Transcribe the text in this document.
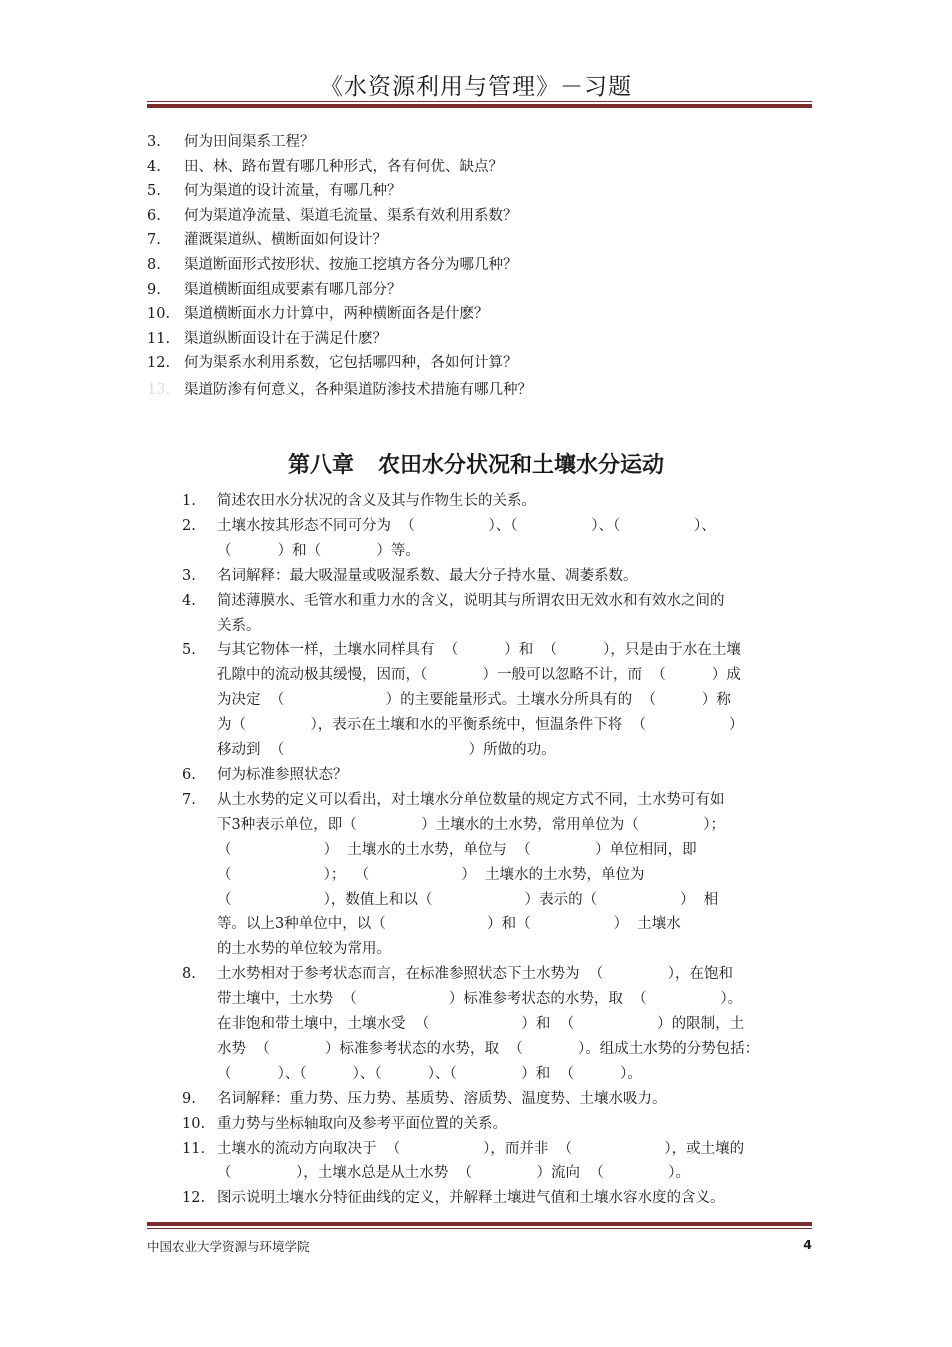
《水资源利用与管理》－习题
3.	何为田间渠系工程？
4.	田、林、路布置有哪几种形式，各有何优、缺点？
5.	何为渠道的设计流量，有哪几种？
6.	何为渠道净流量、渠道毛流量、渠系有效利用系数？
7.	灌溉渠道纵、横断面如何设计？
8.	渠道断面形式按形状、按施工挖填方各分为哪几种？
9.	渠道横断面组成要素有哪几部分？
10. 渠道横断面水力计算中，两种横断面各是什麽？
11. 渠道纵断面设计在于满足什麽？
12. 何为渠系水利用系数，它包括哪四种，各如何计算？
13. 渠道防渗有何意义，各种渠道防渗技术措施有哪几种？
第八章 农田水分状况和土壤水分运动
1.	简述农田水分状况的含义及其与作物生长的关系。
2.	土壤水按其形态不同可分为  （                ）、（                ）、（                ）、
（          ）和（            ）等。
3.	名词解释：最大吸湿量或吸湿系数、最大分子持水量、凋萎系数。
4.	简述薄膜水、毛管水和重力水的含义，说明其与所谓农田无效水和有效水之间的
关系。
5.	与其它物体一样，土壤水同样具有  （          ）和  （          ），只是由于水在土壤
孔隙中的流动极其缓慢，因而，（            ）一般可以忽略不计，而  （          ）成
为决定  （                      ）的主要能量形式。土壤水分所具有的  （          ）称
为（              ），表示在土壤和水的平衡系统中，恒温条件下将  （                  ）
移动到  （                                        ）所做的功。
6.	何为标准参照状态？
7.	从土水势的定义可以看出，对土壤水分单位数量的规定方式不同，土水势可有如
下3种表示单位，即（              ）土壤水的土水势，常用单位为（              ）；
（                    ）  土壤水的土水势，单位与  （              ）单位相同，即
（                    ）；  （                    ）  土壤水的土水势，单位为
（                    ），数值上和以（                    ）表示的（                  ）  相
等。以上3种单位中，以（                      ）和（                  ）  土壤水
的土水势的单位较为常用。
8.	土水势相对于参考状态而言，在标准参照状态下土水势为  （              ），在饱和
带土壤中，土水势  （                    ）标准参考状态的水势，取  （                ）。
在非饱和带土壤中，土壤水受  （                    ）和  （                  ）的限制，土
水势  （            ）标准参考状态的水势，取  （            ）。组成土水势的分势包括：
（          ）、（          ）、（          ）、（              ）和  （          ）。
9.	名词解释：重力势、压力势、基质势、溶质势、温度势、土壤水吸力。
10. 重力势与坐标轴取向及参考平面位置的关系。
11. 土壤水的流动方向取决于  （                  ），而并非  （                    ），或土壤的
（              ），土壤水总是从土水势  （              ）流向  （              ）。
12. 图示说明土壤水分特征曲线的定义，并解释土壤进气值和土壤水容水度的含义。
中国农业大学资源与环境学院	4
